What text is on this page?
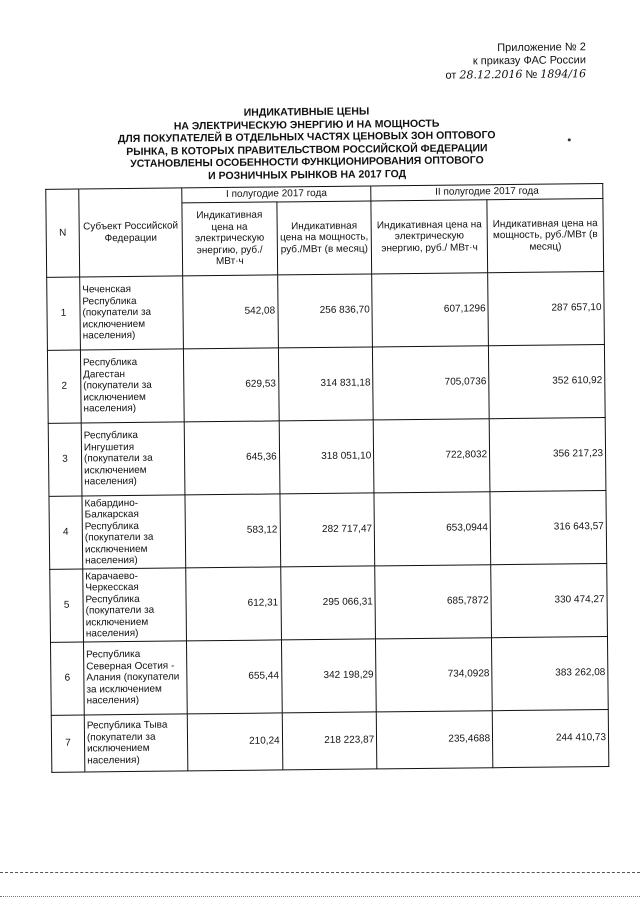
Приложение № 2
к приказу ФАС России
от 28.12.2016 № 1894/16
ИНДИКАТИВНЫЕ ЦЕНЫ
НА ЭЛЕКТРИЧЕСКУЮ ЭНЕРГИЮ И НА МОЩНОСТЬ
ДЛЯ ПОКУПАТЕЛЕЙ В ОТДЕЛЬНЫХ ЧАСТЯХ ЦЕНОВЫХ ЗОН ОПТОВОГО
РЫНКА, В КОТОРЫХ ПРАВИТЕЛЬСТВОМ РОССИЙСКОЙ ФЕДЕРАЦИИ
УСТАНОВЛЕНЫ ОСОБЕННОСТИ ФУНКЦИОНИРОВАНИЯ ОПТОВОГО
И РОЗНИЧНЫХ РЫНКОВ НА 2017 ГОД
N	Субъект Российской Федерации	I полугодие 2017 года		II полугодие 2017 года	
		Индикативная цена на электрическую энергию, руб./ МВт·ч	Индикативная цена на мощность, руб./МВт (в месяц)	Индикативная цена на электрическую энергию, руб./ МВт·ч	Индикативная цена на мощность, руб./МВт (в месяц)
1	Чеченская Республика (покупатели за исключением населения)	542,08	256 836,70	607,1296	287 657,10
2	Республика Дагестан (покупатели за исключением населения)	629,53	314 831,18	705,0736	352 610,92
3	Республика Ингушетия (покупатели за исключением населения)	645,36	318 051,10	722,8032	356 217,23
4	Кабардино-Балкарская Республика (покупатели за исключением населения)	583,12	282 717,47	653,0944	316 643,57
5	Карачаево-Черкесская Республика (покупатели за исключением населения)	612,31	295 066,31	685,7872	330 474,27
6	Республика Северная Осетия - Алания (покупатели за исключением населения)	655,44	342 198,29	734,0928	383 262,08
7	Республика Тыва (покупатели за исключением населения)	210,24	218 223,87	235,4688	244 410,73
